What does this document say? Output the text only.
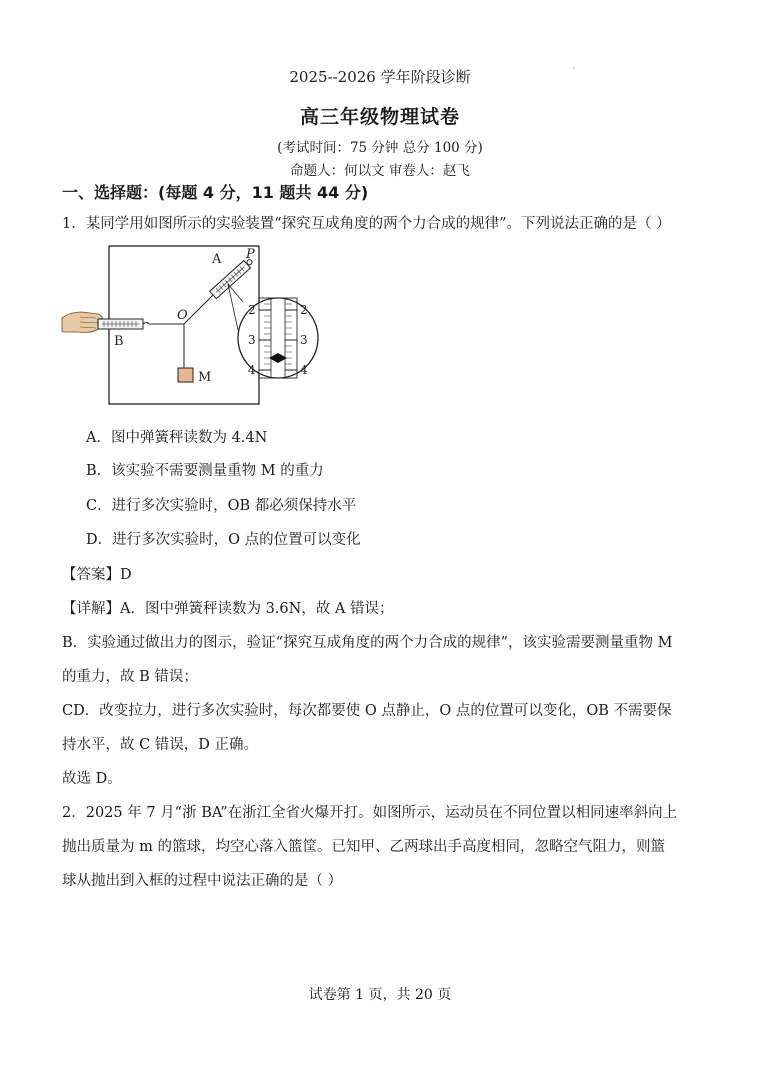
·
2025--2026 学年阶段诊断
高三年级物理试卷
(考试时间：75 分钟 总分 100 分)
命题人：何以文 审卷人：赵飞
一、选择题：(每题 4 分，11 题共 44 分)
1．某同学用如图所示的实验装置“探究互成角度的两个力合成的规律”。下列说法正确的是（ ）
A P
O
B
M
2
3
4
2
3
4
A．图中弹簧秤读数为 4.4N
B．该实验不需要测量重物 M 的重力
C．进行多次实验时，OB 都必须保持水平
D．进行多次实验时，O 点的位置可以变化
【答案】D
【详解】A．图中弹簧秤读数为 3.6N，故 A 错误；
B．实验通过做出力的图示，验证“探究互成角度的两个力合成的规律”，该实验需要测量重物 M
的重力，故 B 错误；
CD．改变拉力，进行多次实验时，每次都要使 O 点静止，O 点的位置可以变化，OB 不需要保
持水平，故 C 错误，D 正确。
故选 D。
2．2025 年 7 月“浙 BA”在浙江全省火爆开打。如图所示，运动员在不同位置以相同速率斜向上
抛出质量为 m 的篮球，均空心落入篮筐。已知甲、乙两球出手高度相同，忽略空气阻力，则篮
球从抛出到入框的过程中说法正确的是（ ）
试卷第 1 页，共 20 页
